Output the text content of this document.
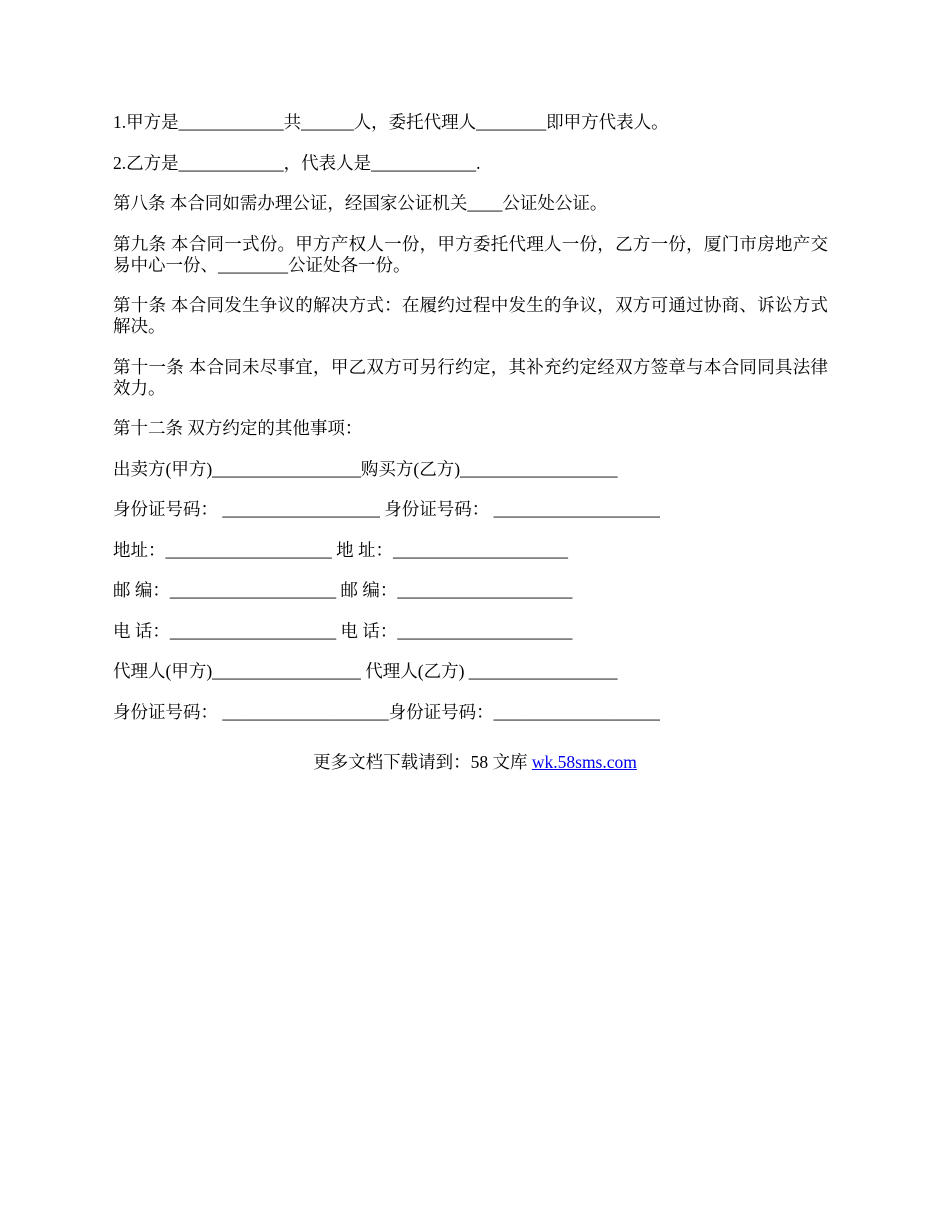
1.甲方是____________共______人，委托代理人________即甲方代表人。

2.乙方是____________，代表人是____________.

第八条 本合同如需办理公证，经国家公证机关____公证处公证。

第九条 本合同一式份。甲方产权人一份，甲方委托代理人一份，乙方一份，厦门市房地产交易中心一份、________公证处各一份。

第十条 本合同发生争议的解决方式：在履约过程中发生的争议，双方可通过协商、诉讼方式解决。

第十一条 本合同未尽事宜，甲乙双方可另行约定，其补充约定经双方签章与本合同同具法律效力。

第十二条 双方约定的其他事项：

出卖方(甲方)_________________购买方(乙方)__________________

身份证号码： __________________ 身份证号码： ___________________

地址：___________________ 地 址：____________________

邮 编：___________________ 邮 编：____________________

电 话：___________________ 电 话：____________________

代理人(甲方)_________________ 代理人(乙方) _________________

身份证号码： ___________________身份证号码：___________________

更多文档下载请到：58 文库 wk.58sms.com
